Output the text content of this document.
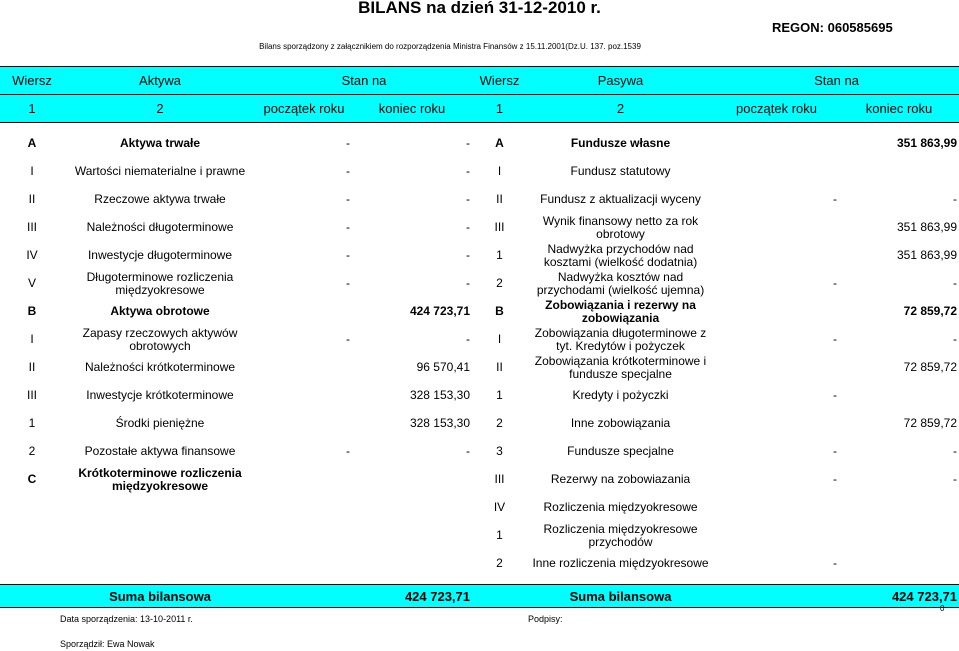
BILANS na dzień 31-12-2010 r.
Bilans sporządzony z załącznikiem do rozporządzenia Ministra Finansów z 15.11.2001(Dz.U. 137. poz.1539
REGON: 060585695
Wiersz	Aktywa	Stan na		Wiersz	Pasywa	Stan na	
1	2	początek roku	koniec roku	1	2	początek roku	koniec roku

A	Aktywa trwałe	-	-	A	Fundusze własne		351 863,99
I	Wartości niematerialne i prawne	-	-	I	Fundusz statutowy		
II	Rzeczowe aktywa trwałe	-	-	II	Fundusz z aktualizacji wyceny	-	-
III	Należności długoterminowe	-	-	III	Wynik finansowy netto za rok obrotowy		351 863,99
IV	Inwestycje długoterminowe	-	-	1	Nadwyżka przychodów nad kosztami (wielkość dodatnia)		351 863,99
V	Długoterminowe rozliczenia międzyokresowe	-	-	2	Nadwyżka kosztów nad przychodami (wielkość ujemna)	-	-
B	Aktywa obrotowe		424 723,71	B	Zobowiązania i rezerwy na zobowiązania		72 859,72
I	Zapasy rzeczowych aktywów obrotowych	-	-	I	Zobowiązania długoterminowe z tyt. Kredytów i pożyczek	-	-
II	Należności krótkoterminowe		96 570,41	II	Zobowiązania krótkoterminowe i fundusze specjalne		72 859,72
III	Inwestycje krótkoterminowe		328 153,30	1	Kredyty i pożyczki	-	
1	Środki pieniężne		328 153,30	2	Inne zobowiązania		72 859,72
2	Pozostałe aktywa finansowe	-	-	3	Fundusze specjalne	-	-
C	Krótkoterminowe rozliczenia międzyokresowe			III	Rezerwy na zobowiazania	-	-
				IV	Rozliczenia międzyokresowe		
				1	Rozliczenia międzyokresowe przychodów		
				2	Inne rozliczenia międzyokresowe	-	

	Suma bilansowa		424 723,71		Suma bilansowa		424 723,71
Data sporządzenia: 13-10-2011 r.	Podpisy:
Sporządził: Ewa Nowak
0
